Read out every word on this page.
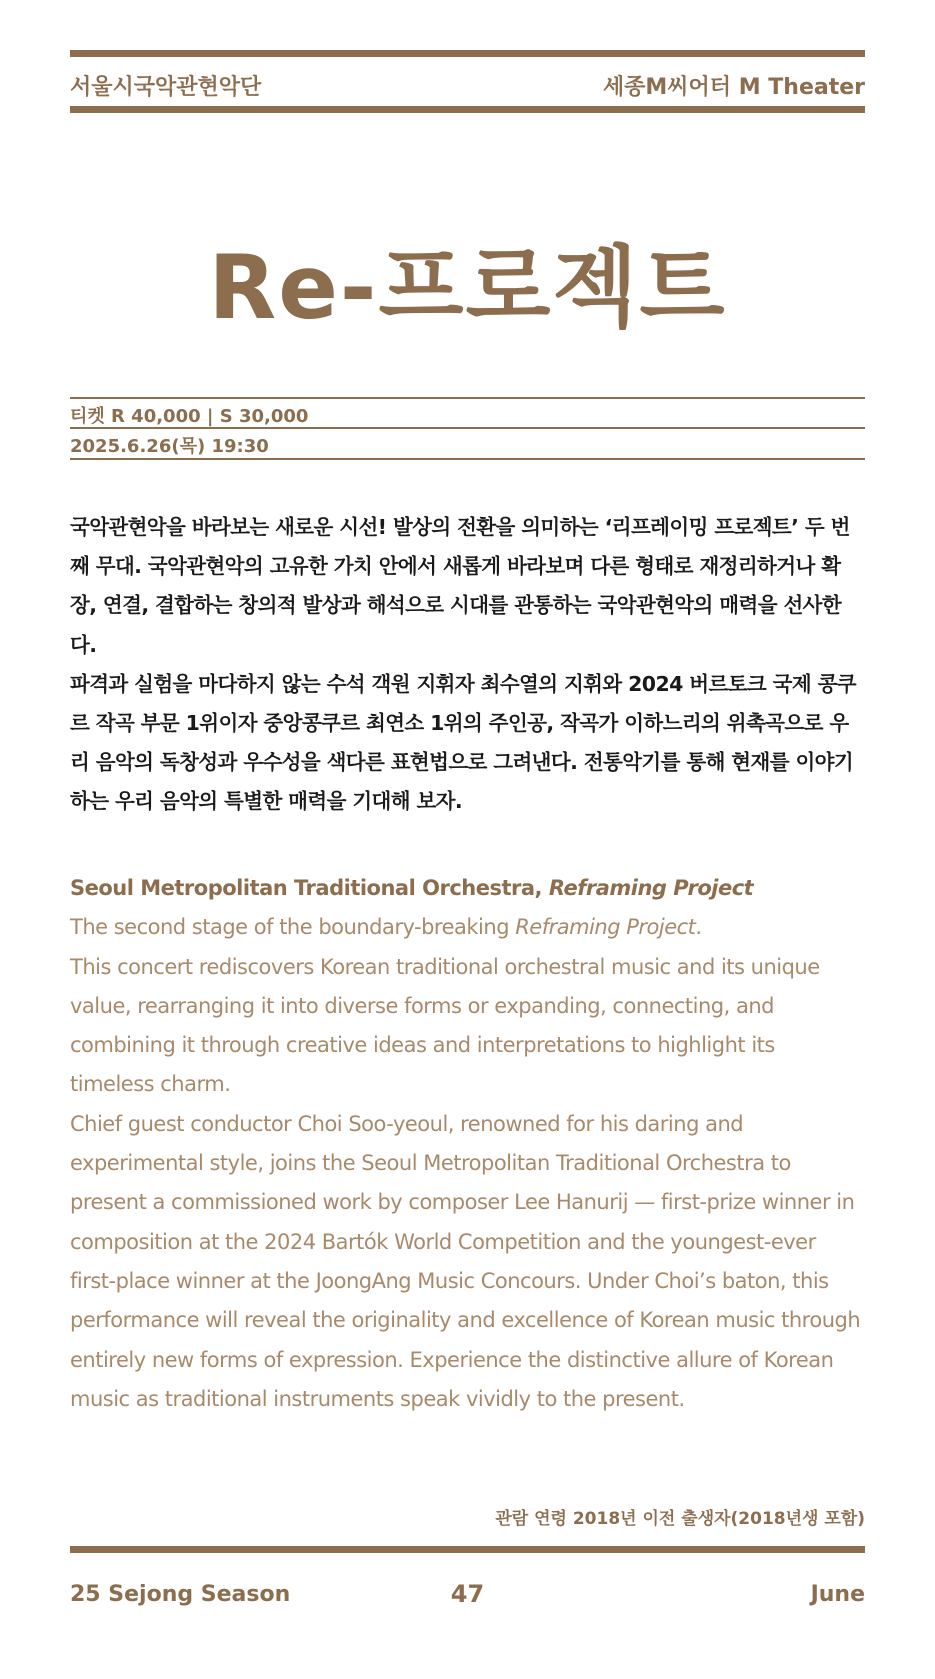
서울시국악관현악단	세종M씨어터 M Theater
Re-프로젝트
티켓 R 40,000 | S 30,000
2025.6.26(목) 19:30

국악관현악을 바라보는 새로운 시선! 발상의 전환을 의미하는 ‘리프레이밍 프로젝트’ 두 번째 무대. 국악관현악의 고유한 가치 안에서 새롭게 바라보며 다른 형태로 재정리하거나 확장, 연결, 결합하는 창의적 발상과 해석으로 시대를 관통하는 국악관현악의 매력을 선사한다.

파격과 실험을 마다하지 않는 수석 객원 지휘자 최수열의 지휘와 2024 버르토크 국제 콩쿠르 작곡 부문 1위이자 중앙콩쿠르 최연소 1위의 주인공, 작곡가 이하느리의 위촉곡으로 우리 음악의 독창성과 우수성을 색다른 표현법으로 그려낸다. 전통악기를 통해 현재를 이야기하는 우리 음악의 특별한 매력을 기대해 보자.

Seoul Metropolitan Traditional Orchestra, Reframing Project

The second stage of the boundary-breaking Reframing Project.

This concert rediscovers Korean traditional orchestral music and its unique value, rearranging it into diverse forms or expanding, connecting, and combining it through creative ideas and interpretations to highlight its timeless charm.

Chief guest conductor Choi Soo-yeoul, renowned for his daring and experimental style, joins the Seoul Metropolitan Traditional Orchestra to present a commissioned work by composer Lee Hanurij — first-prize winner in composition at the 2024 Bartók World Competition and the youngest-ever first-place winner at the JoongAng Music Concours. Under Choi’s baton, this performance will reveal the originality and excellence of Korean music through entirely new forms of expression. Experience the distinctive allure of Korean music as traditional instruments speak vividly to the present.

관람 연령 2018년 이전 출생자(2018년생 포함)
25 Sejong Season	47	June
